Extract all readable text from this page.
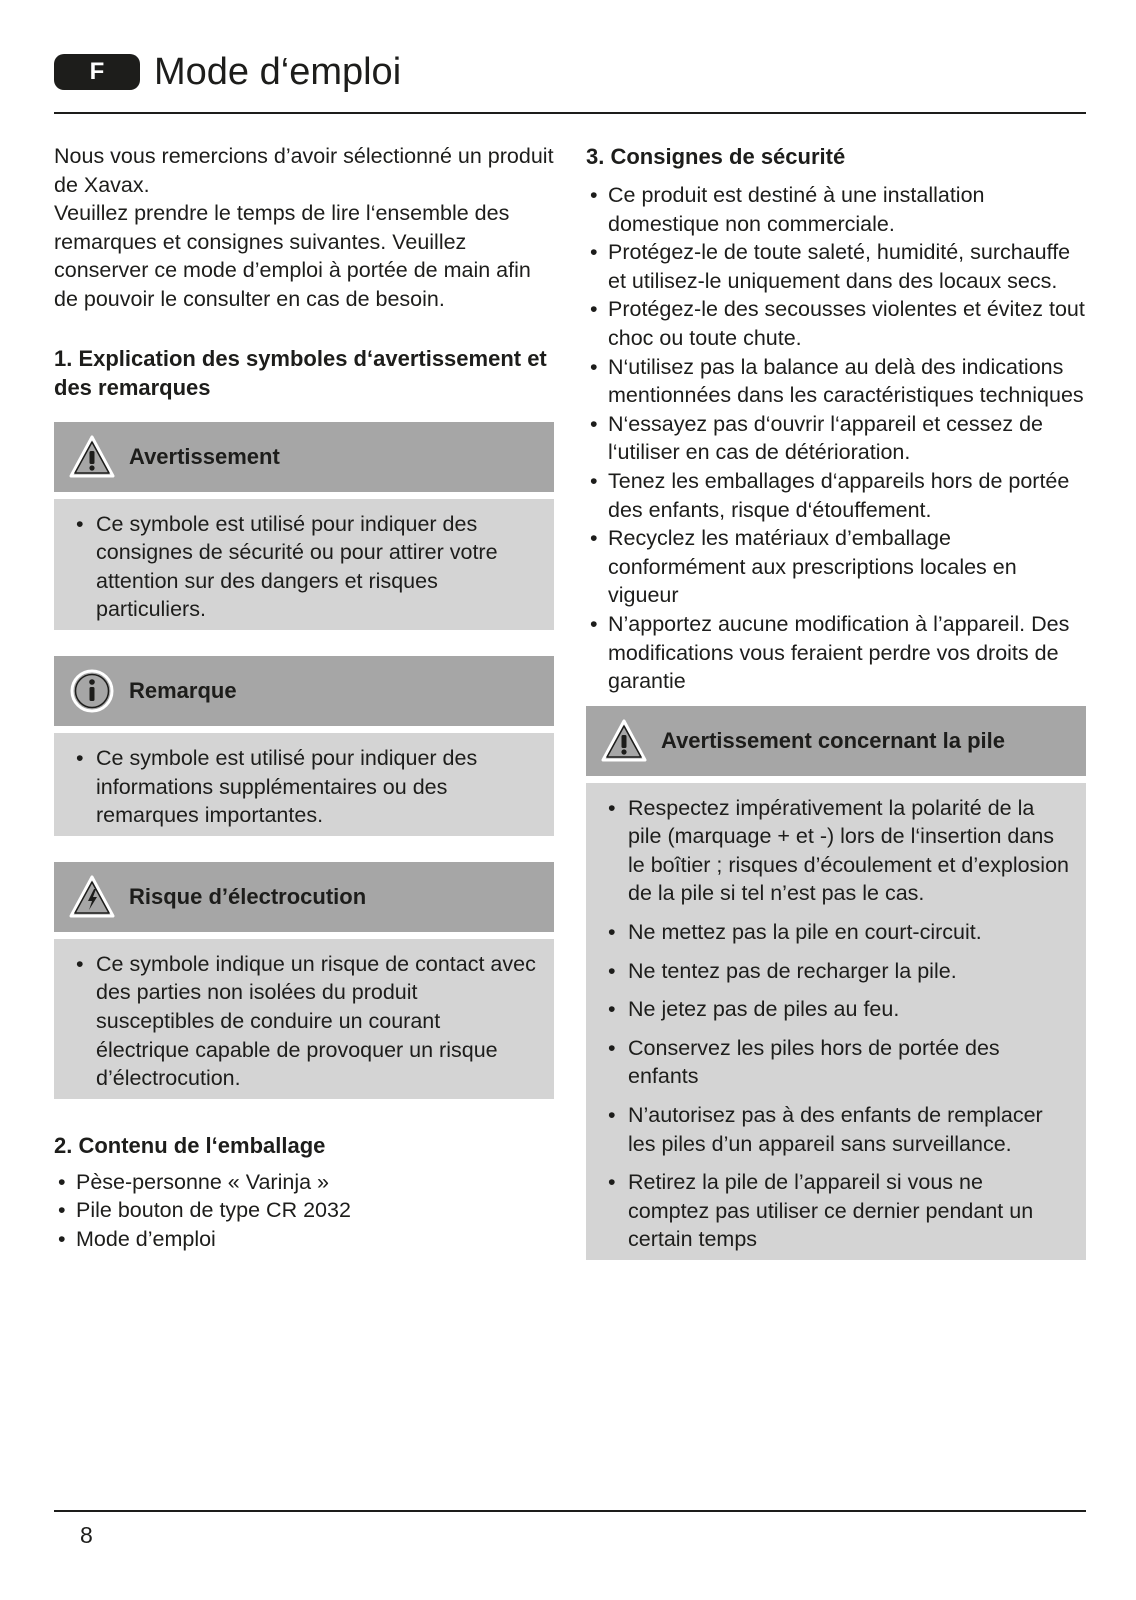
F	Mode d‘emploi

Nous vous remercions d’avoir sélectionné un produit de Xavax.

Veuillez prendre le temps de lire l‘ensemble des remarques et consignes suivantes. Veuillez conserver ce mode d’emploi à portée de main afin de pouvoir le consulter en cas de besoin.

1. Explication des symboles d‘avertissement et des remarques
Avertissement
• Ce symbole est utilisé pour indiquer des consignes de sécurité ou pour attirer votre attention sur des dangers et risques particuliers.
Remarque
• Ce symbole est utilisé pour indiquer des informations supplémentaires ou des remarques importantes.
Risque d’électrocution
• Ce symbole indique un risque de contact avec des parties non isolées du produit susceptibles de conduire un courant électrique capable de provoquer un risque d’électrocution.
2. Contenu de l‘emballage
• Pèse-personne « Varinja »
• Pile bouton de type CR 2032
• Mode d’emploi
3. Consignes de sécurité
• Ce produit est destiné à une installation domestique non commerciale.
• Protégez-le de toute saleté, humidité, surchauffe et utilisez-le uniquement dans des locaux secs.
• Protégez-le des secousses violentes et évitez tout choc ou toute chute.
• N‘utilisez pas la balance au delà des indications mentionnées dans les caractéristiques techniques
• N‘essayez pas d‘ouvrir l‘appareil et cessez de l‘utiliser en cas de détérioration.
• Tenez les emballages d‘appareils hors de portée des enfants, risque d‘étouffement.
• Recyclez les matériaux d’emballage conformément aux prescriptions locales en vigueur
• N’apportez aucune modification à l’appareil. Des modifications vous feraient perdre vos droits de garantie
Avertissement concernant la pile
• Respectez impérativement la polarité de la pile (marquage + et -) lors de l‘insertion dans le boîtier ; risques d’écoulement et d’explosion de la pile si tel n’est pas le cas.
• Ne mettez pas la pile en court-circuit.
• Ne tentez pas de recharger la pile.
• Ne jetez pas de piles au feu.
• Conservez les piles hors de portée des enfants
• N’autorisez pas à des enfants de remplacer les piles d’un appareil sans surveillance.
• Retirez la pile de l’appareil si vous ne comptez pas utiliser ce dernier pendant un certain temps
8
